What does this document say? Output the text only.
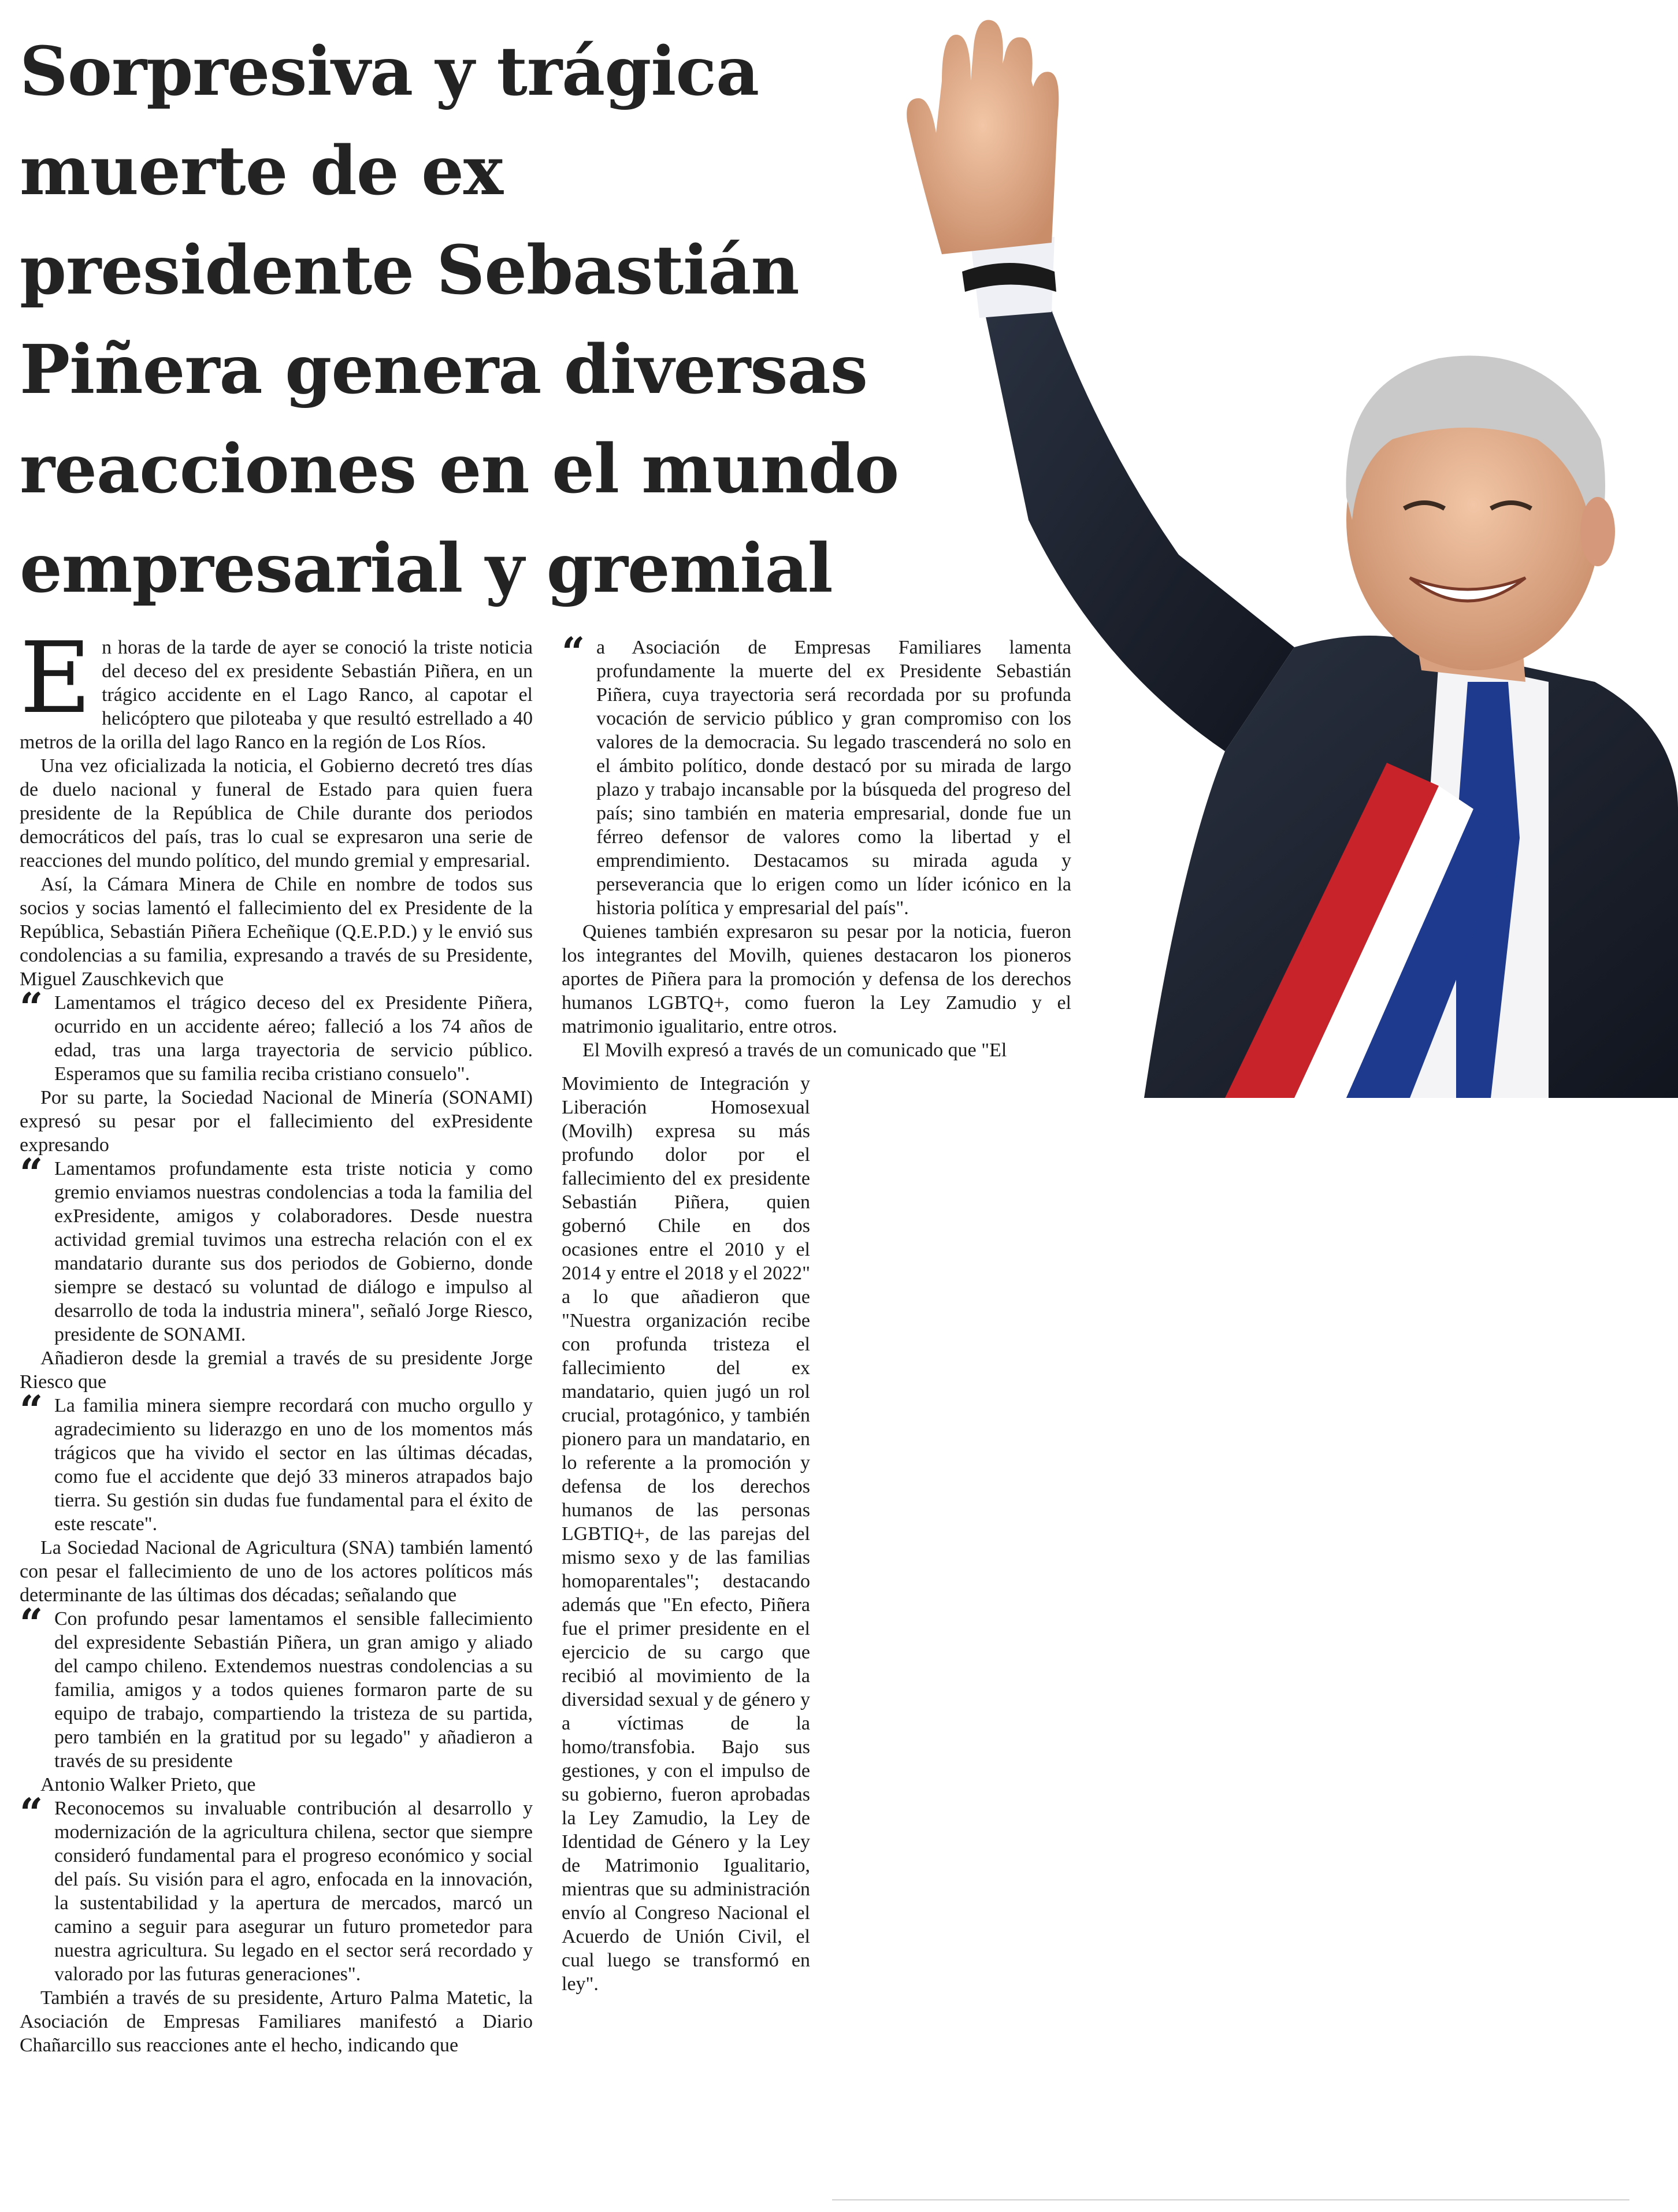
Sorpresiva y trágica
muerte de ex
presidente Sebastián
Piñera genera diversas
reacciones en el mundo
empresarial y gremial

En horas de la tarde de ayer se conoció la triste noticia del deceso del ex presidente Sebastián Piñera, en un trágico accidente en el Lago Ranco, al capotar el helicóptero que piloteaba y que resultó estrellado a 40 metros de la orilla del lago Ranco en la región de Los Ríos.

Una vez oficializada la noticia, el Gobierno decretó tres días de duelo nacional y funeral de Estado para quien fuera presidente de la República de Chile durante dos periodos democráticos del país, tras lo cual se expresaron una serie de reacciones del mundo político, del mundo gremial y empresarial.

Así, la Cámara Minera de Chile en nombre de todos sus socios y socias lamentó el fallecimiento del ex Presidente de la República, Sebastián Piñera Echeñique (Q.E.P.D.) y le envió sus condolencias a su familia, expresando a través de su Presidente, Miguel Zauschkevich que

“ Lamentamos el trágico deceso del ex Presidente Piñera, ocurrido en un accidente aéreo; falleció a los 74 años de edad, tras una larga trayectoria de servicio público. Esperamos que su familia reciba cristiano consuelo".

Por su parte, la Sociedad Nacional de Minería (SONAMI) expresó su pesar por el fallecimiento del exPresidente expresando

“ Lamentamos profundamente esta triste noticia y como gremio enviamos nuestras condolencias a toda la familia del exPresidente, amigos y colaboradores. Desde nuestra actividad gremial tuvimos una estrecha relación con el ex mandatario durante sus dos periodos de Gobierno, donde siempre se destacó su voluntad de diálogo e impulso al desarrollo de toda la industria minera", señaló Jorge Riesco, presidente de SONAMI.

Añadieron desde la gremial a través de su presidente Jorge Riesco que

“ La familia minera siempre recordará con mucho orgullo y agradecimiento su liderazgo en uno de los momentos más trágicos que ha vivido el sector en las últimas décadas, como fue el accidente que dejó 33 mineros atrapados bajo tierra. Su gestión sin dudas fue fundamental para el éxito de este rescate".

La Sociedad Nacional de Agricultura (SNA) también lamentó con pesar el fallecimiento de uno de los actores políticos más determinante de las últimas dos décadas; señalando que

“ Con profundo pesar lamentamos el sensible fallecimiento del expresidente Sebastián Piñera, un gran amigo y aliado del campo chileno. Extendemos nuestras condolencias a su familia, amigos y a todos quienes formaron parte de su equipo de trabajo, compartiendo la tristeza de su partida, pero también en la gratitud por su legado" y añadieron a través de su presidente

Antonio Walker Prieto, que

“ Reconocemos su invaluable contribución al desarrollo y modernización de la agricultura chilena, sector que siempre consideró fundamental para el progreso económico y social del país. Su visión para el agro, enfocada en la innovación, la sustentabilidad y la apertura de mercados, marcó un camino a seguir para asegurar un futuro prometedor para nuestra agricultura. Su legado en el sector será recordado y valorado por las futuras generaciones".

También a través de su presidente, Arturo Palma Matetic, la Asociación de Empresas Familiares manifestó a Diario Chañarcillo sus reacciones ante el hecho, indicando que

“ a Asociación de Empresas Familiares lamenta profundamente la muerte del ex Presidente Sebastián Piñera, cuya trayectoria será recordada por su profunda vocación de servicio público y gran compromiso con los valores de la democracia. Su legado trascenderá no solo en el ámbito político, donde destacó por su mirada de largo plazo y trabajo incansable por la búsqueda del progreso del país; sino también en materia empresarial, donde fue un férreo defensor de valores como la libertad y el emprendimiento. Destacamos su mirada aguda y perseverancia que lo erigen como un líder icónico en la historia política y empresarial del país".

Quienes también expresaron su pesar por la noticia, fueron los integrantes del Movilh, quienes destacaron los pioneros aportes de Piñera para la promoción y defensa de los derechos humanos LGBTQ+, como fueron la Ley Zamudio y el matrimonio igualitario, entre otros.

El Movilh expresó a través de un comunicado que "El

Movimiento de Integración y Liberación Homosexual (Movilh) expresa su más profundo dolor por el fallecimiento del ex presidente Sebastián Piñera, quien gobernó Chile en dos ocasiones entre el 2010 y el 2014 y entre el 2018 y el 2022" a lo que añadieron que "Nuestra organización recibe con profunda tristeza el fallecimiento del ex mandatario, quien jugó un rol crucial, protagónico, y también pionero para un mandatario, en lo referente a la promoción y defensa de los derechos humanos de las personas LGBTIQ+, de las parejas del mismo sexo y de las familias homoparentales"; destacando además que "En efecto, Piñera fue el primer presidente en el ejercicio de su cargo que recibió al movimiento de la diversidad sexual y de género y a víctimas de la homo/transfobia. Bajo sus gestiones, y con el impulso de su gobierno, fueron aprobadas la Ley Zamudio, la Ley de Identidad de Género y la Ley de Matrimonio Igualitario, mientras que su administración envío al Congreso Nacional el Acuerdo de Unión Civil, el cual luego se transformó en ley".
